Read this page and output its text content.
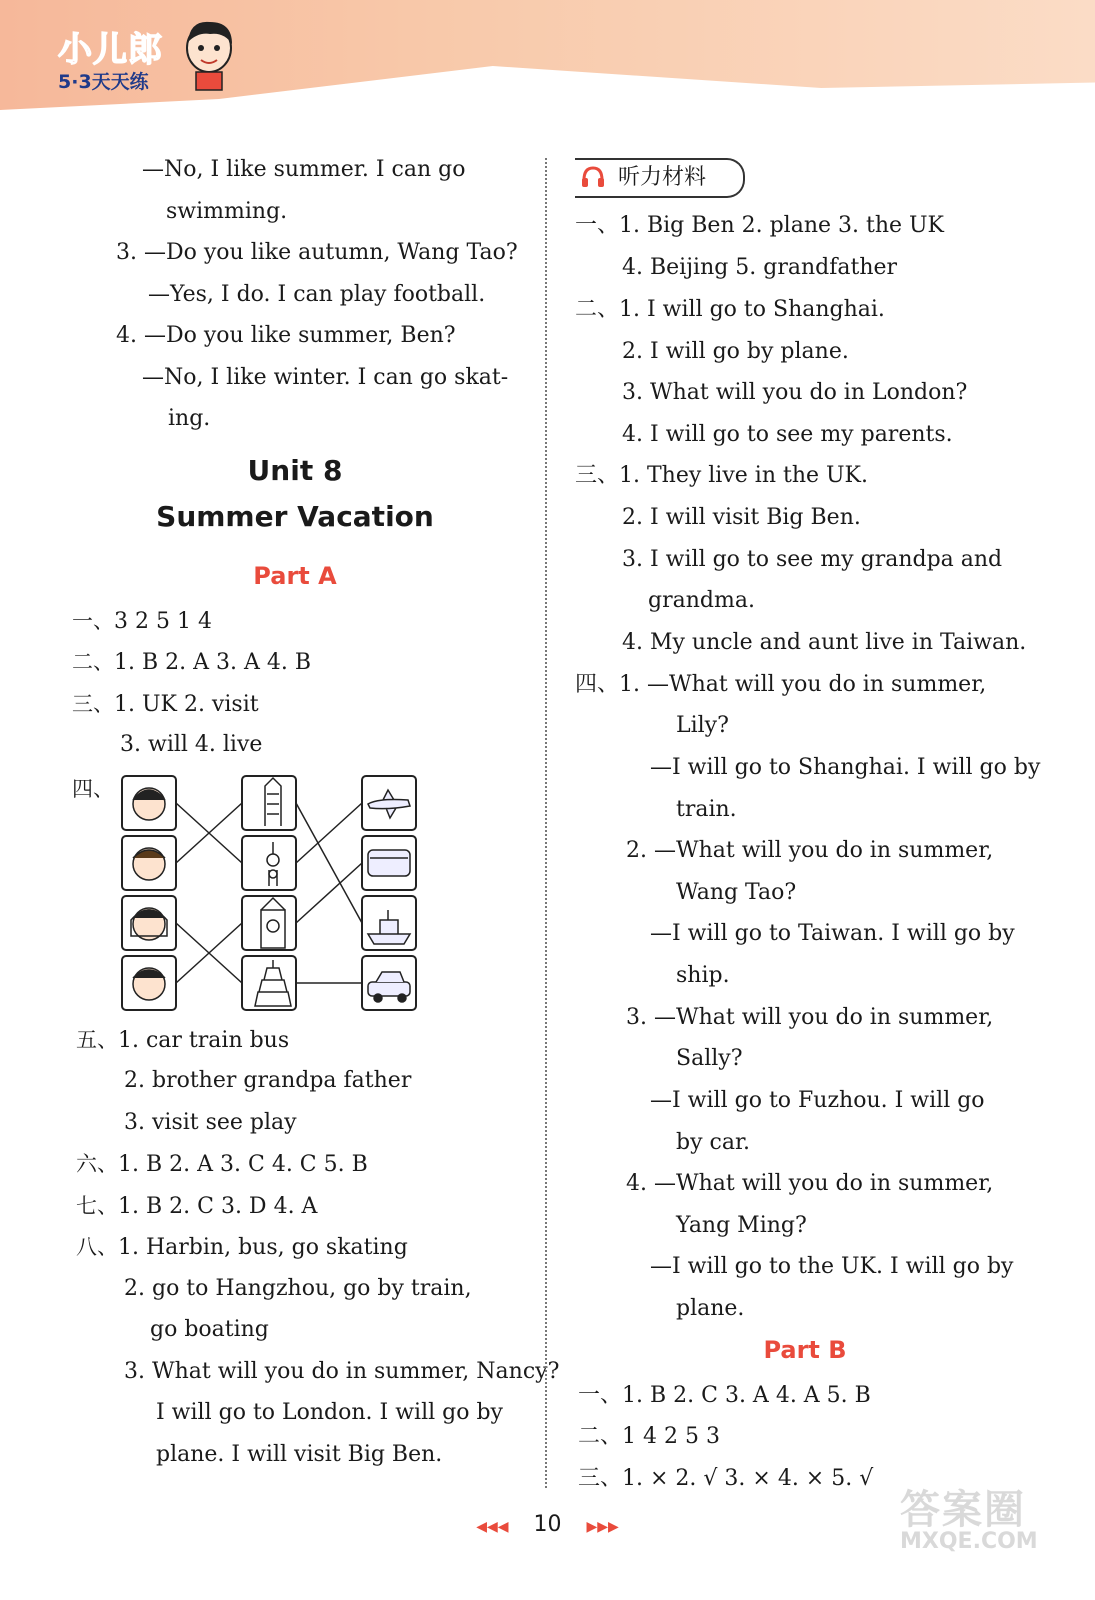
小儿郎
5·3天天练
—No, I like summer. I can go
swimming.
3. —Do you like autumn, Wang Tao?
—Yes, I do. I can play football.
4. —Do you like summer, Ben?
—No, I like winter. I can go skat-
ing.
Unit 8
Summer Vacation
Part A
一、3 2 5 1 4
二、1. B 2. A 3. A 4. B
三、1. UK 2. visit
3. will 4. live
四、
五、1. car train bus
2. brother grandpa father
3. visit see play
六、1. B 2. A 3. C 4. C 5. B
七、1. B 2. C 3. D 4. A
八、1. Harbin, bus, go skating
2. go to Hangzhou, go by train,
go boating
3. What will you do in summer, Nancy?
I will go to London. I will go by
plane. I will visit Big Ben.
听力材料
一、1. Big Ben 2. plane 3. the UK
4. Beijing 5. grandfather
二、1. I will go to Shanghai.
2. I will go by plane.
3. What will you do in London?
4. I will go to see my parents.
三、1. They live in the UK.
2. I will visit Big Ben.
3. I will go to see my grandpa and
grandma.
4. My uncle and aunt live in Taiwan.
四、1. —What will you do in summer,
Lily?
—I will go to Shanghai. I will go by
train.
2. —What will you do in summer,
Wang Tao?
—I will go to Taiwan. I will go by
ship.
3. —What will you do in summer,
Sally?
—I will go to Fuzhou. I will go
by car.
4. —What will you do in summer,
Yang Ming?
—I will go to the UK. I will go by
plane.
Part B
一、1. B 2. C 3. A 4. A 5. B
二、1 4 2 5 3
三、1. × 2. √ 3. × 4. × 5. √
◀◀◀ 10 ▶▶▶	答案圈
MXQE.COM
